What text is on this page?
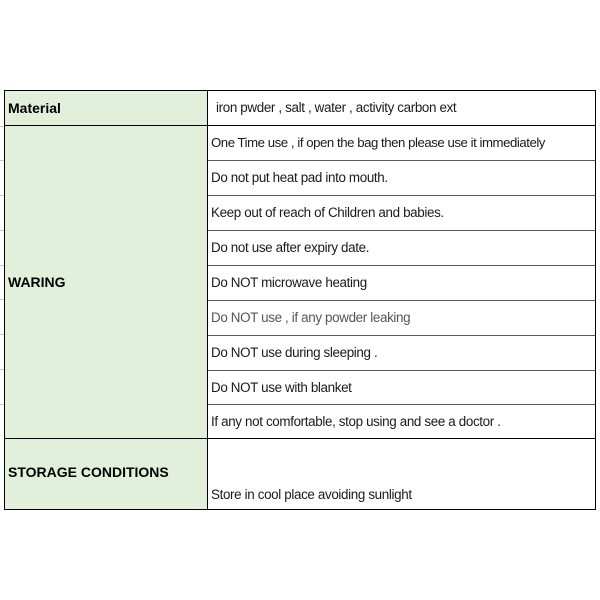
Material	iron pwder , salt , water , activity carbon ext
WARING
One Time use , if open the bag then please use it immediately
Do not put heat pad into mouth.
Keep out of reach of Children and babies.
Do not use after expiry date.
Do NOT microwave heating
Do NOT use , if any powder leaking
Do NOT use during sleeping .
Do NOT use with blanket
If any not comfortable, stop using and see a doctor .
STORAGE CONDITIONS
Store in cool place avoiding sunlight
